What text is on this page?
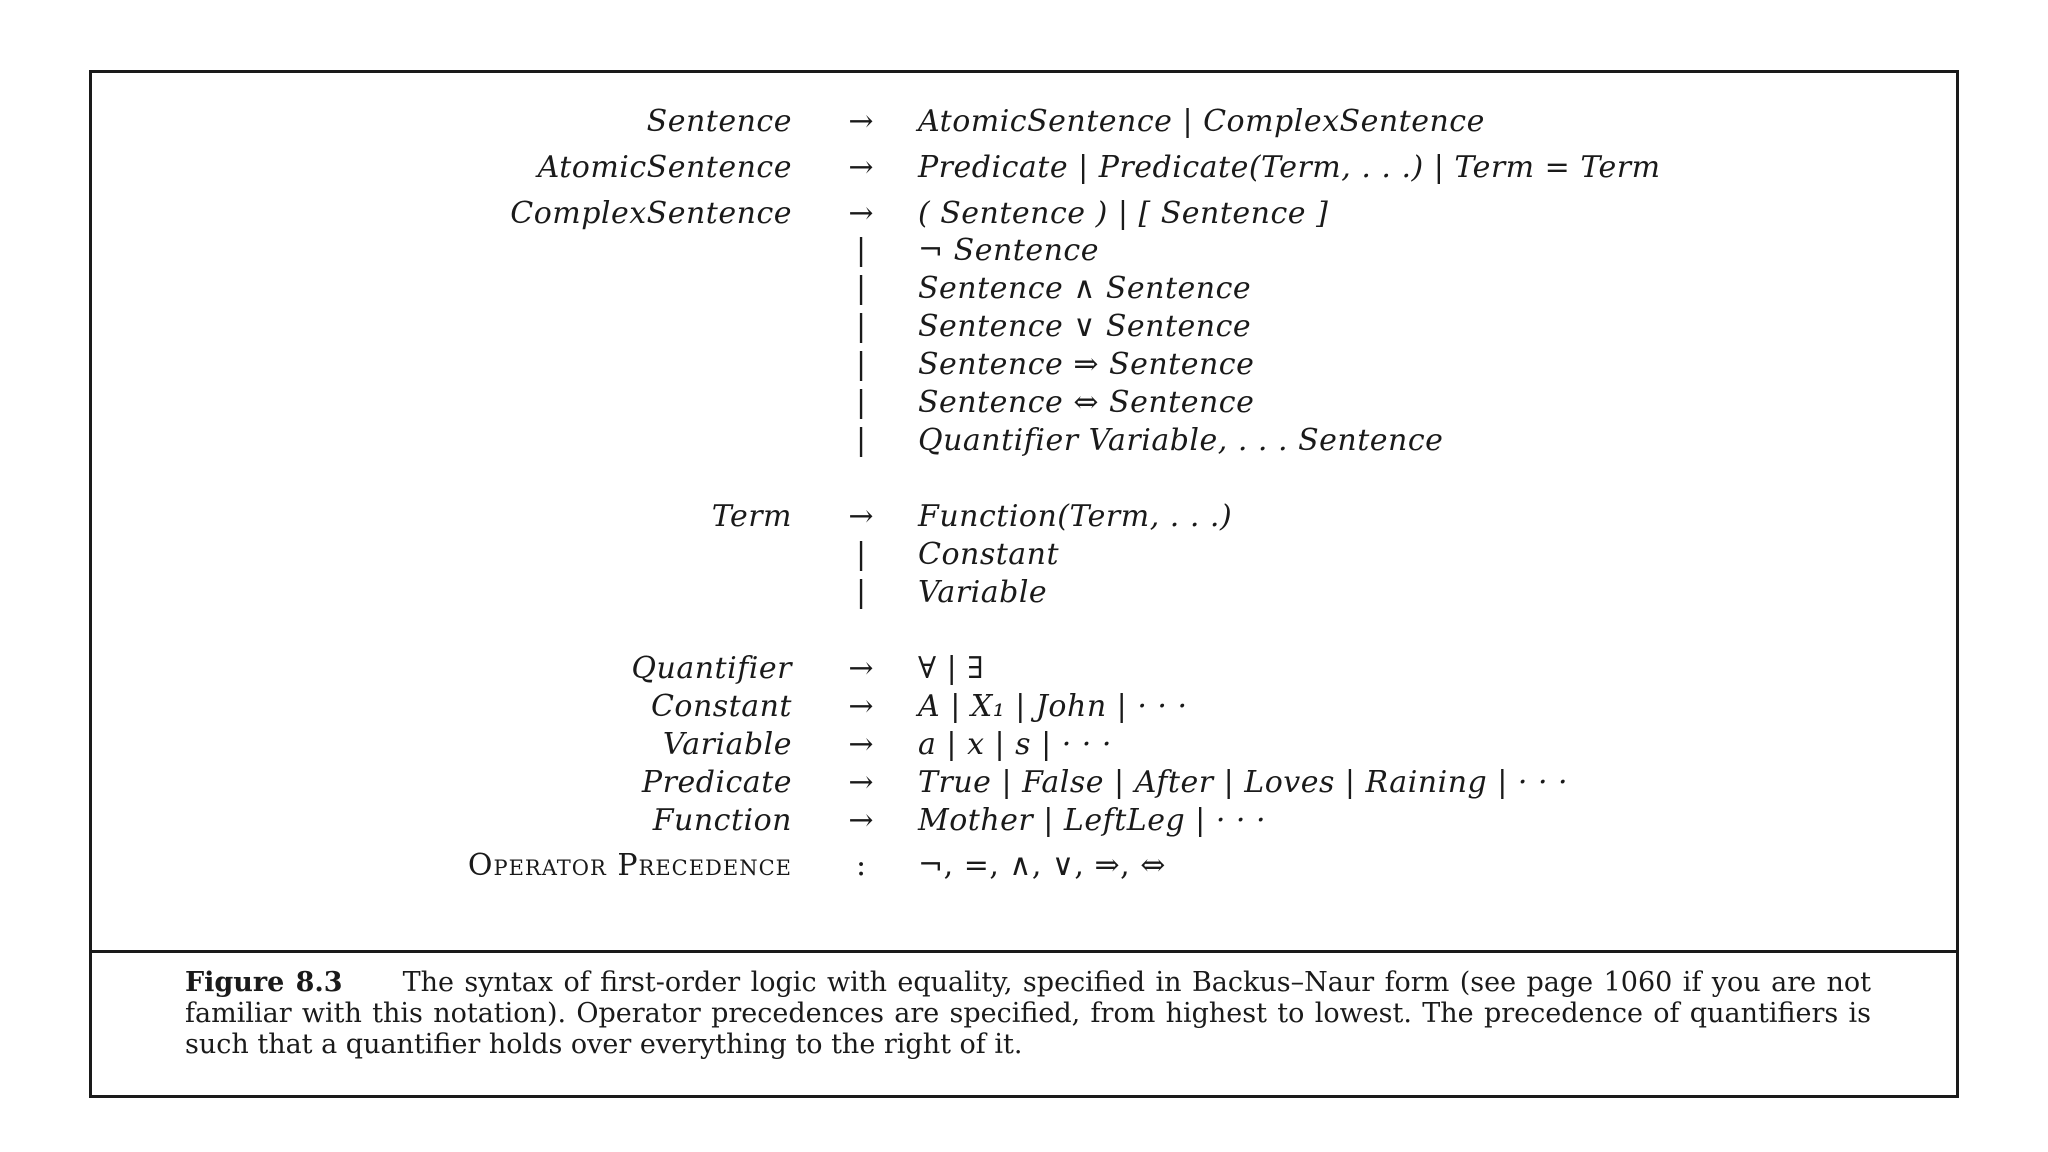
Sentence	→	AtomicSentence | ComplexSentence
AtomicSentence	→	Predicate | Predicate(Term, . . .) | Term = Term
ComplexSentence	→	( Sentence ) | [ Sentence ]
|	¬ Sentence
|	Sentence ∧ Sentence
|	Sentence ∨ Sentence
|	Sentence ⇒ Sentence
|	Sentence ⇔ Sentence
|	Quantifier Variable, . . . Sentence
Term	→	Function(Term, . . .)
|	Constant
|	Variable
Quantifier	→	∀ | ∃
Constant	→	A | X₁ | John | · · ·
Variable	→	a | x | s | · · ·
Predicate	→	True | False | After | Loves | Raining | · · ·
Function	→	Mother | LeftLeg | · · ·
Operator Precedence	:	¬, =, ∧, ∨, ⇒, ⇔
Figure 8.3 The syntax of first-order logic with equality, specified in Backus–Naur form (see page 1060 if you are not familiar with this notation). Operator precedences are specified, from highest to lowest. The precedence of quantifiers is such that a quantifier holds over everything to the right of it.
